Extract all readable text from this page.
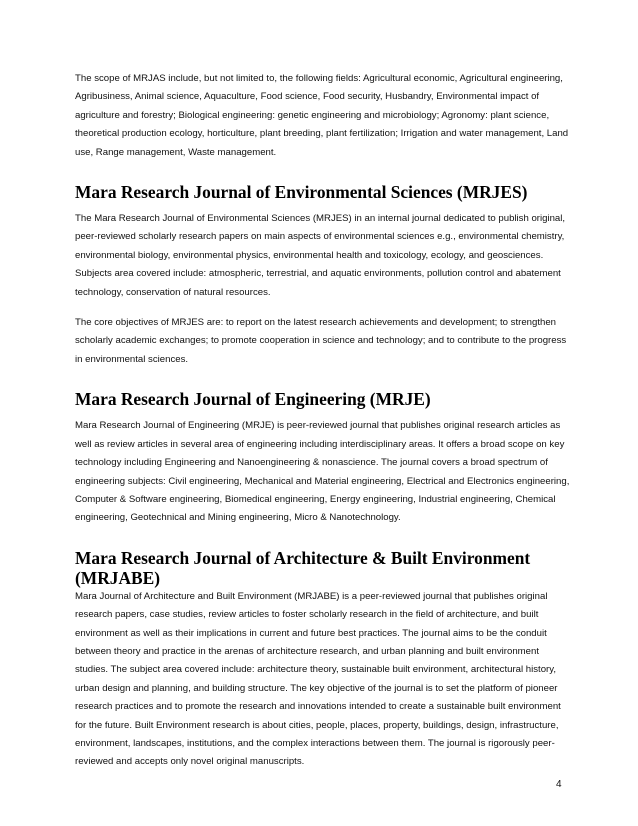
The scope of MRJAS include, but not limited to, the following fields: Agricultural economic, Agricultural engineering, Agribusiness, Animal science, Aquaculture, Food science, Food security, Husbandry, Environmental impact of agriculture and forestry; Biological engineering: genetic engineering and microbiology; Agronomy: plant science, theoretical production ecology, horticulture, plant breeding, plant fertilization; Irrigation and water management, Land use, Range management, Waste management.

Mara Research Journal of Environmental Sciences (MRJES)

The Mara Research Journal of Environmental Sciences (MRJES) in an internal journal dedicated to publish original, peer-reviewed scholarly research papers on main aspects of environmental sciences e.g., environmental chemistry, environmental biology, environmental physics, environmental health and toxicology, ecology, and geosciences. Subjects area covered include: atmospheric, terrestrial, and aquatic environments, pollution control and abatement technology, conservation of natural resources.

The core objectives of MRJES are: to report on the latest research achievements and development; to strengthen scholarly academic exchanges; to promote cooperation in science and technology; and to contribute to the progress in environmental sciences.

Mara Research Journal of Engineering (MRJE)

Mara Research Journal of Engineering (MRJE) is peer-reviewed journal that publishes original research articles as well as review articles in several area of engineering including interdisciplinary areas. It offers a broad scope on key technology including Engineering and Nanoengineering & nonascience. The journal covers a broad spectrum of engineering subjects: Civil engineering, Mechanical and Material engineering, Electrical and Electronics engineering, Computer & Software engineering, Biomedical engineering, Energy engineering, Industrial engineering, Chemical engineering, Geotechnical and Mining engineering, Micro & Nanotechnology.

Mara Research Journal of Architecture & Built Environment (MRJABE)

Mara Journal of Architecture and Built Environment (MRJABE) is a peer-reviewed journal that publishes original research papers, case studies, review articles to foster scholarly research in the field of architecture, and built environment as well as their implications in current and future best practices. The journal aims to be the conduit between theory and practice in the arenas of architecture research, and urban planning and built environment studies. The subject area covered include: architecture theory, sustainable built environment, architectural history, urban design and planning, and building structure. The key objective of the journal is to set the platform of pioneer research practices and to promote the research and innovations intended to create a sustainable built environment for the future. Built Environment research is about cities, people, places, property, buildings, design, infrastructure, environment, landscapes, institutions, and the complex interactions between them. The journal is rigorously peer-reviewed and accepts only novel original manuscripts.

4
